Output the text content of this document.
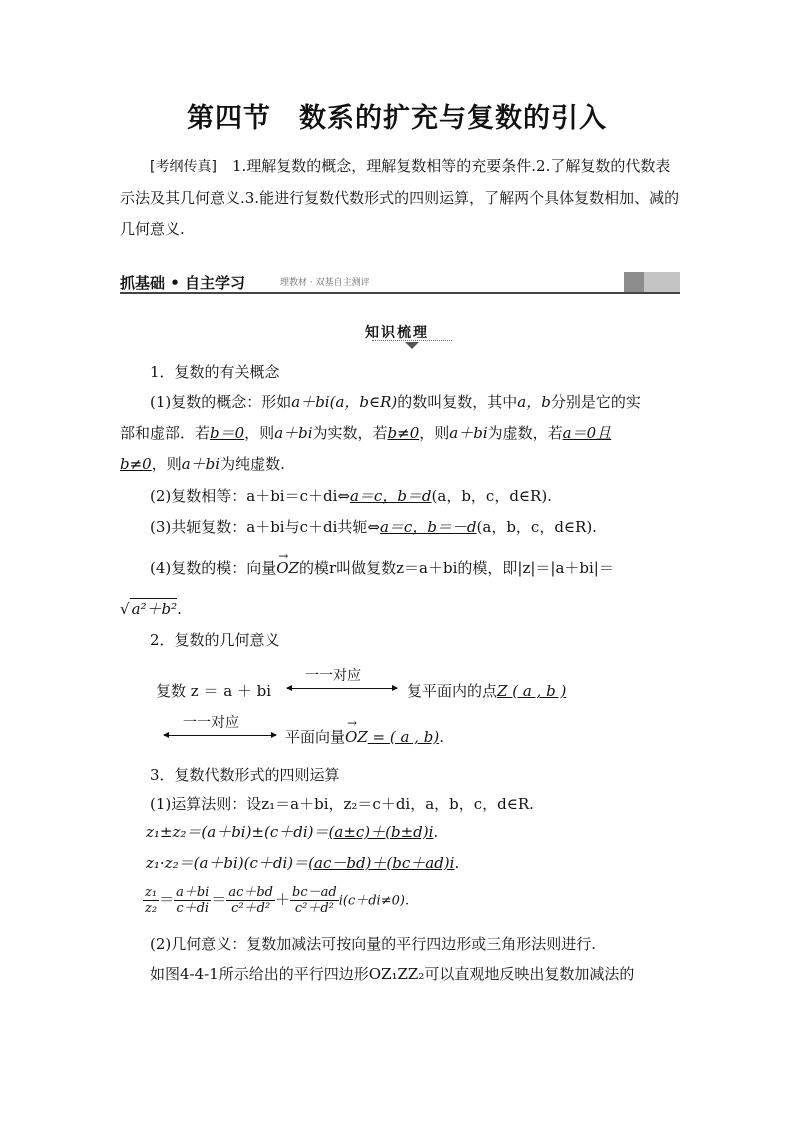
第四节　数系的扩充与复数的引入
[考纲传真]　1.理解复数的概念，理解复数相等的充要条件.2.了解复数的代数表示法及其几何意义.3.能进行复数代数形式的四则运算，了解两个具体复数相加、减的几何意义.
抓基础 • 自主学习	理教材 · 双基自主测评
知识梳理
1．复数的有关概念
(1)复数的概念：形如a＋bi(a，b∈R)的数叫复数，其中a，b分别是它的实
部和虚部．若b＝0，则a＋bi为实数，若b≠0，则a＋bi为虚数，若a＝0且
b≠0，则a＋bi为纯虚数.
(2)复数相等：a＋bi＝c＋di⇔a＝c，b＝d(a，b，c，d∈R).
(3)共轭复数：a＋bi与c＋di共轭⇔a＝c，b＝－d(a，b，c，d∈R).
(4)复数的模：向量→ OZ的模r叫做复数z＝a＋bi的模，即|z|＝|a＋bi|＝
√ a²＋b².
2．复数的几何意义
复数 z ＝ a ＋ bi
一一对应
复平面内的点Z ( a , b )
一一对应
平面向量→ OZ = ( a , b).
3．复数代数形式的四则运算
(1)运算法则：设z₁＝a＋bi，z₂＝c＋di，a，b，c，d∈R.
z₁±z₂＝(a＋bi)±(c＋di)＝(a±c)＋(b±d)i.
z₁·z₂＝(a＋bi)(c＋di)＝(ac－bd)＋(bc＋ad)i.
$\frac{\text{z₁}}{\text{z₂}} = \frac{a+bi}{c+di} = \frac{ac+bd}{\text{c²＋d²}} + \frac{bc-ad}{\text{c²＋d²}} i(c+di\ne 0)$.
(2)几何意义：复数加减法可按向量的平行四边形或三角形法则进行.
如图4-4-1所示给出的平行四边形OZ₁ZZ₂可以直观地反映出复数加减法的
